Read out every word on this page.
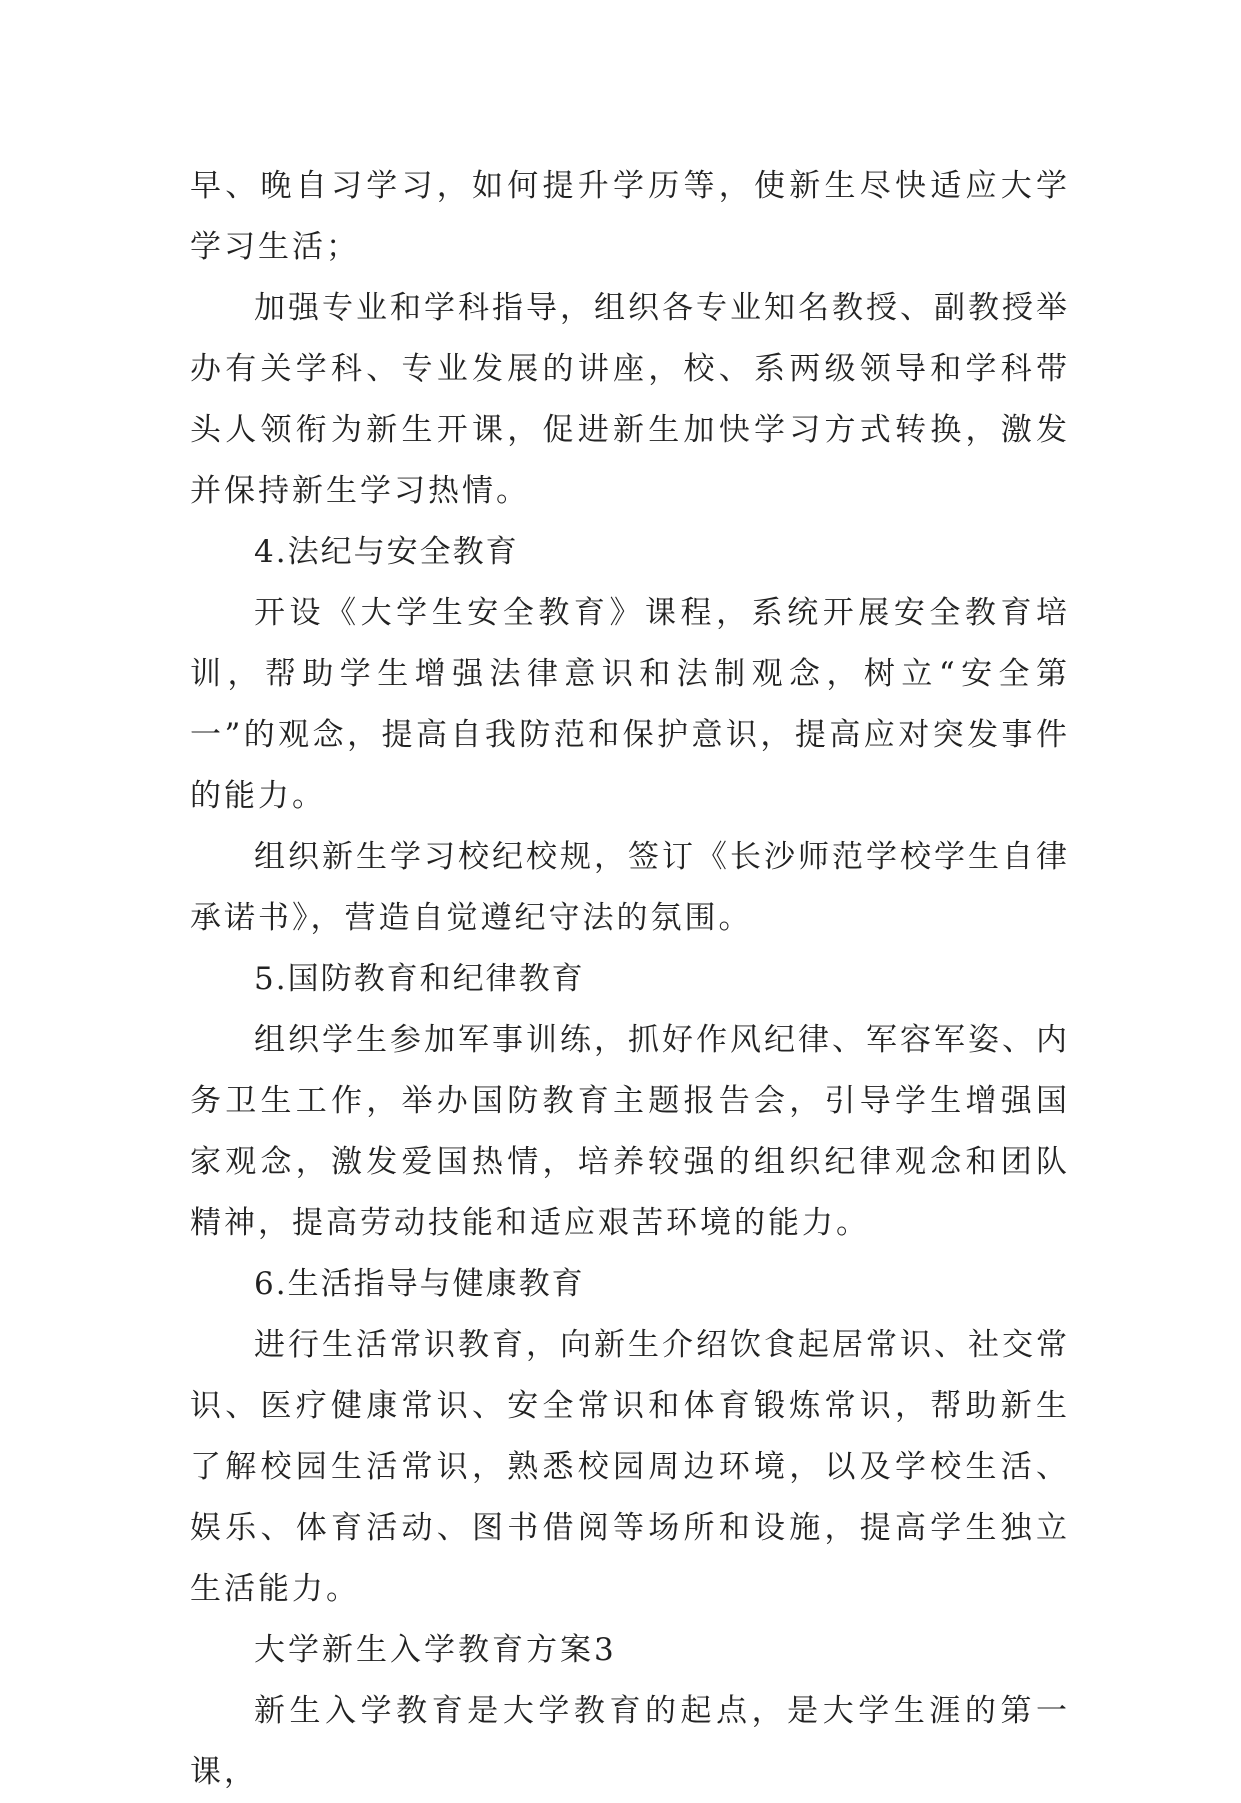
早、晚自习学习，如何提升学历等，使新生尽快适应大学学习生活；

加强专业和学科指导，组织各专业知名教授、副教授举办有关学科、专业发展的讲座，校、系两级领导和学科带头人领衔为新生开课，促进新生加快学习方式转换，激发并保持新生学习热情。

4.法纪与安全教育

开设《大学生安全教育》课程，系统开展安全教育培训，帮助学生增强法律意识和法制观念，树立“安全第一”的观念，提高自我防范和保护意识，提高应对突发事件的能力。

组织新生学习校纪校规，签订《长沙师范学校学生自律承诺书》，营造自觉遵纪守法的氛围。

5.国防教育和纪律教育

组织学生参加军事训练，抓好作风纪律、军容军姿、内务卫生工作，举办国防教育主题报告会，引导学生增强国家观念，激发爱国热情，培养较强的组织纪律观念和团队精神，提高劳动技能和适应艰苦环境的能力。

6.生活指导与健康教育

进行生活常识教育，向新生介绍饮食起居常识、社交常识、医疗健康常识、安全常识和体育锻炼常识，帮助新生了解校园生活常识，熟悉校园周边环境，以及学校生活、娱乐、体育活动、图书借阅等场所和设施，提高学生独立生活能力。

大学新生入学教育方案3

新生入学教育是大学教育的起点，是大学生涯的第一课，
